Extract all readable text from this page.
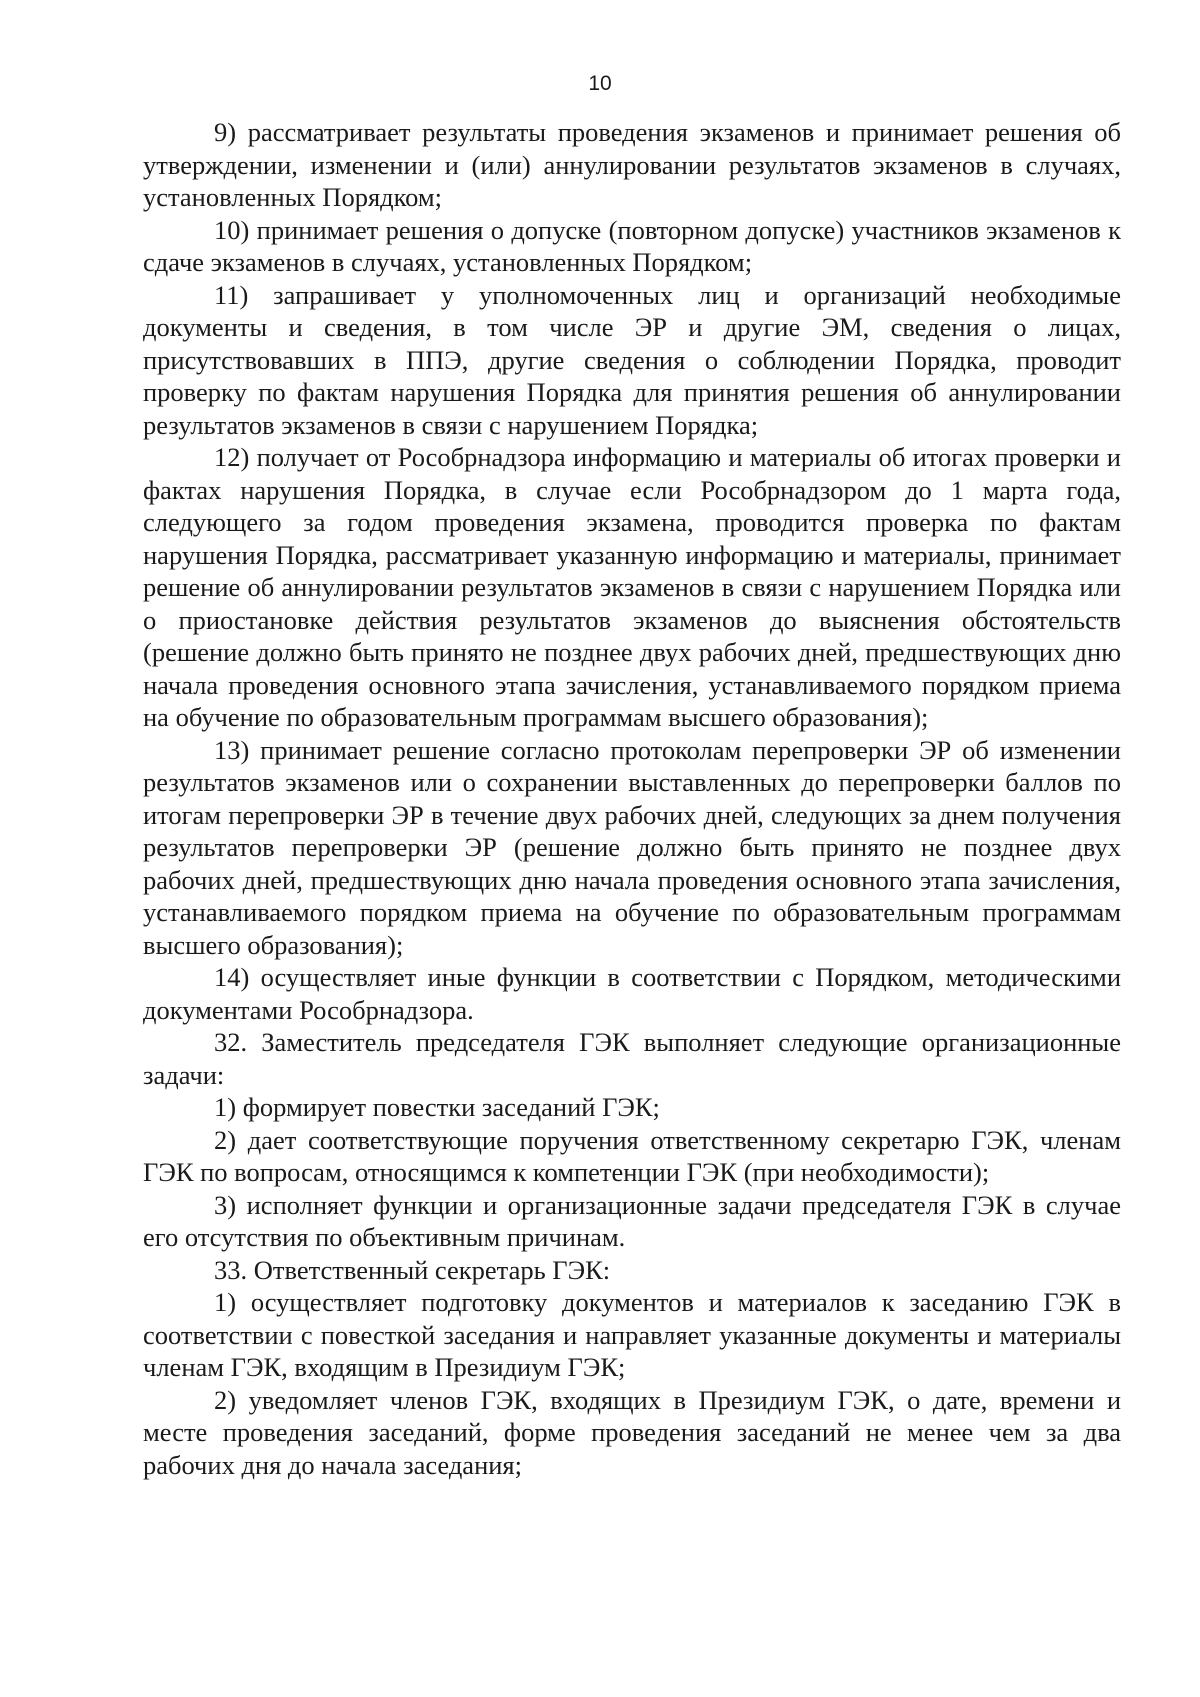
10

9) рассматривает результаты проведения экзаменов и принимает решения об утверждении, изменении и (или) аннулировании результатов экзаменов в случаях, установленных Порядком;

10) принимает решения о допуске (повторном допуске) участников экзаменов к сдаче экзаменов в случаях, установленных Порядком;

11) запрашивает у уполномоченных лиц и организаций необходимые документы и сведения, в том числе ЭР и другие ЭМ, сведения о лицах, присутствовавших в ППЭ, другие сведения о соблюдении Порядка, проводит проверку по фактам нарушения Порядка для принятия решения об аннулировании результатов экзаменов в связи с нарушением Порядка;

12) получает от Рособрнадзора информацию и материалы об итогах проверки и фактах нарушения Порядка, в случае если Рособрнадзором до 1 марта года, следующего за годом проведения экзамена, проводится проверка по фактам нарушения Порядка, рассматривает указанную информацию и материалы, принимает решение об аннулировании результатов экзаменов в связи с нарушением Порядка или о приостановке действия результатов экзаменов до выяснения обстоятельств (решение должно быть принято не позднее двух рабочих дней, предшествующих дню начала проведения основного этапа зачисления, устанавливаемого порядком приема на обучение по образовательным программам высшего образования);

13) принимает решение согласно протоколам перепроверки ЭР об изменении результатов экзаменов или о сохранении выставленных до перепроверки баллов по итогам перепроверки ЭР в течение двух рабочих дней, следующих за днем получения результатов перепроверки ЭР (решение должно быть принято не позднее двух рабочих дней, предшествующих дню начала проведения основного этапа зачисления, устанавливаемого порядком приема на обучение по образовательным программам высшего образования);

14) осуществляет иные функции в соответствии с Порядком, методическими документами Рособрнадзора.

32. Заместитель председателя ГЭК выполняет следующие организационные задачи:

1) формирует повестки заседаний ГЭК;

2) дает соответствующие поручения ответственному секретарю ГЭК, членам ГЭК по вопросам, относящимся к компетенции ГЭК (при необходимости);

3) исполняет функции и организационные задачи председателя ГЭК в случае его отсутствия по объективным причинам.

33. Ответственный секретарь ГЭК:

1) осуществляет подготовку документов и материалов к заседанию ГЭК в соответствии с повесткой заседания и направляет указанные документы и материалы членам ГЭК, входящим в Президиум ГЭК;

2) уведомляет членов ГЭК, входящих в Президиум ГЭК, о дате, времени и месте проведения заседаний, форме проведения заседаний не менее чем за два рабочих дня до начала заседания;
